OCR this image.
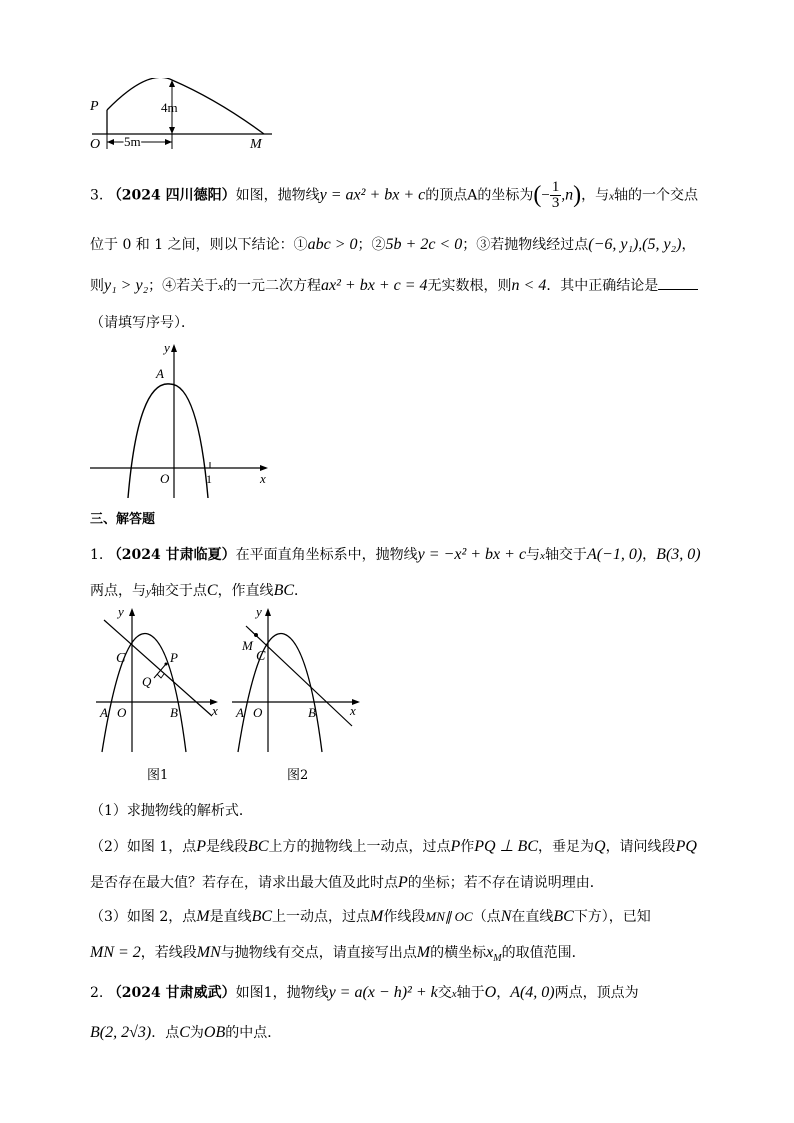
P	4m
O 5m	M
3. （2024 四川德阳）如图，抛物线y = ax² + bx + c的顶点A的坐标为(− $\frac{1}{3} ,n$)，与x轴的一个交点
位于 0 和 1 之间，则以下结论：①abc > 0；②5b + 2c < 0；③若抛物线经过点(−6, y₁),(5, y₂)，
则y₁ > y₂；④若关于x的一元二次方程ax² + bx + c = 4无实数根，则n < 4．其中正确结论是
（请填写序号）．
y
A
O	1	x
三、解答题
1. （2024 甘肃临夏）在平面直角坐标系中，抛物线y = −x² + bx + c与x轴交于A(−1, 0)，B(3, 0)
两点，与y轴交于点C，作直线BC．
y
C	P
Q
A O	B	x
图1
y
M
C
A O	B	x
图2
（1）求抛物线的解析式．
（2）如图 1，点P是线段BC上方的抛物线上一动点，过点P作PQ ⊥ BC，垂足为Q，请问线段PQ
是否存在最大值？若存在，请求出最大值及此时点P的坐标；若不存在请说明理由．
（3）如图 2，点M是直线BC上一动点，过点M作线段MN∥ OC（点N在直线BC下方），已知
MN = 2，若线段MN与抛物线有交点，请直接写出点M的横坐标$x_M$的取值范围．
2. （2024 甘肃威武）如图1，抛物线y = a(x − h)² + k交x轴于O，A(4, 0)两点，顶点为
B(2, 2√3)．点C为OB的中点．
